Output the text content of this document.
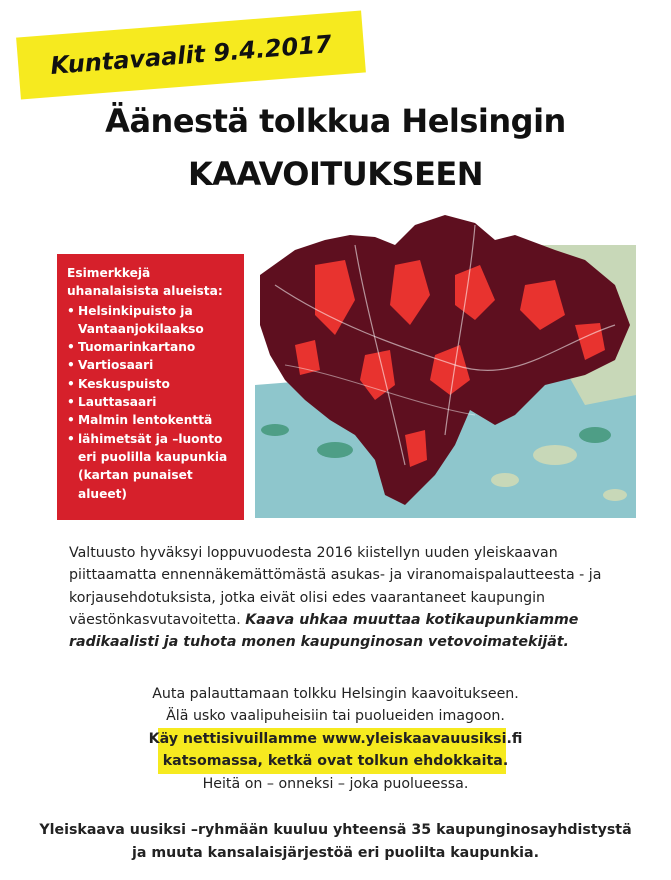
Kuntavaalit 9.4.2017
Äänestä tolkkua Helsingin
KAAVOITUKSEEN
Esimerkkejä uhanalaisista alueista:
• Helsinkipuisto ja Vantaanjokilaakso
• Tuomarinkartano
• Vartiosaari
• Keskuspuisto
• Lauttasaari
• Malmin lentokenttä
• lähimetsät ja –luonto eri puolilla kaupunkia (kartan punaiset alueet)
Valtuusto hyväksyi loppuvuodesta 2016 kiistellyn uuden yleiskaavan piittaamatta ennennäkemättömästä asukas- ja viranomaispalautteesta - ja korjausehdotuksista, jotka eivät olisi edes vaarantaneet kaupungin väestönkasvutavoitetta. Kaava uhkaa muuttaa kotikaupunkiamme radikaalisti ja tuhota monen kaupunginosan vetovoimatekijät.
Auta palauttamaan tolkku Helsingin kaavoitukseen.
Älä usko vaalipuheisiin tai puolueiden imagoon.
Käy nettisivuillamme www.yleiskaavauusiksi.fi
katsomassa, ketkä ovat tolkun ehdokkaita.
Heitä on – onneksi – joka puolueessa.
Yleiskaava uusiksi –ryhmään kuuluu yhteensä 35 kaupunginosayhdistystä
ja muuta kansalaisjärjestöä eri puolilta kaupunkia.
